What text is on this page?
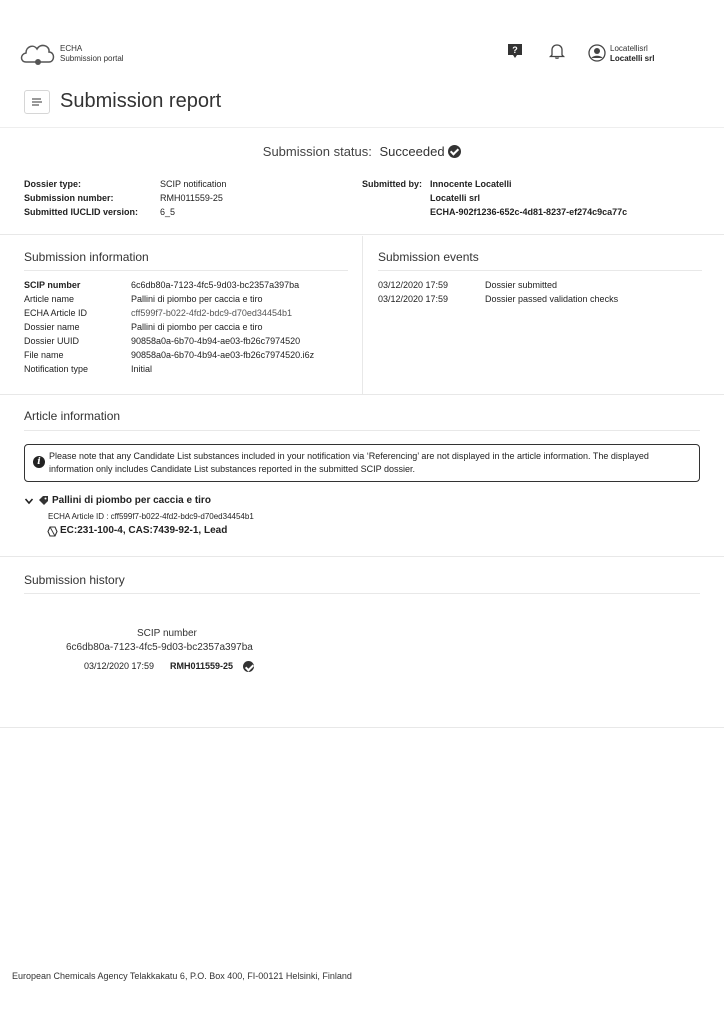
ECHA
Submission portal
?	Locatellisrl
Locatelli srl
Submission report
Submission status: Succeeded
Dossier type:	SCIP notification
Submission number:	RMH011559-25
Submitted IUCLID version: 6_5
Submitted by: Innocente Locatelli
Locatelli srl
ECHA-902f1236-652c-4d81-8237-ef274c9ca77c
Submission information
SCIP number	6c6db80a-7123-4fc5-9d03-bc2357a397ba
Article name	Pallini di piombo per caccia e tiro
ECHA Article ID	cff599f7-b022-4fd2-bdc9-d70ed34454b1
Dossier name	Pallini di piombo per caccia e tiro
Dossier UUID	90858a0a-6b70-4b94-ae03-fb26c7974520
File name	90858a0a-6b70-4b94-ae03-fb26c7974520.i6z
Notification type	Initial
Submission events
03/12/2020 17:59	Dossier submitted
03/12/2020 17:59	Dossier passed validation checks
Article information
i
Please note that any Candidate List substances included in your notification via ‘Referencing’ are not displayed in the article information. The displayed
information only includes Candidate List substances reported in the submitted SCIP dossier.
Pallini di piombo per caccia e tiro
ECHA Article ID : cff599f7-b022-4fd2-bdc9-d70ed34454b1
EC:231-100-4, CAS:7439-92-1, Lead
Submission history
SCIP number
6c6db80a-7123-4fc5-9d03-bc2357a397ba
03/12/2020 17:59 RMH011559-25
European Chemicals Agency Telakkakatu 6, P.O. Box 400, FI-00121 Helsinki, Finland
